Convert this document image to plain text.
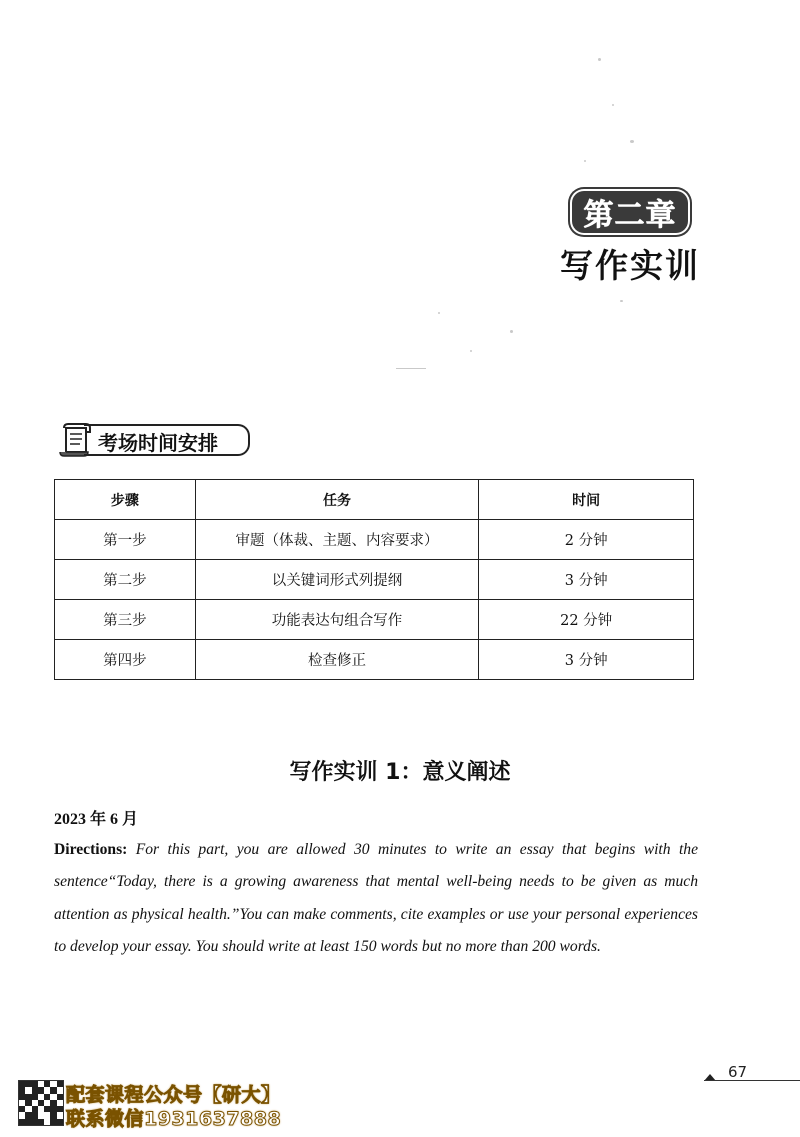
第二章
写作实训
考场时间安排
步骤	任务	时间
第一步	审题（体裁、主题、内容要求）	2 分钟
第二步	以关键词形式列提纲	3 分钟
第三步	功能表达句组合写作	22 分钟
第四步	检查修正	3 分钟
写作实训 1：意义阐述
2023 年 6 月
Directions: For this part, you are allowed 30 minutes to write an essay that begins with the sentence“Today, there is a growing awareness that mental well-being needs to be given as much attention as physical health.”You can make comments, cite examples or use your personal experiences to develop your essay. You should write at least 150 words but no more than 200 words.
67
配套课程公众号【研大】
联系微信1931637888
